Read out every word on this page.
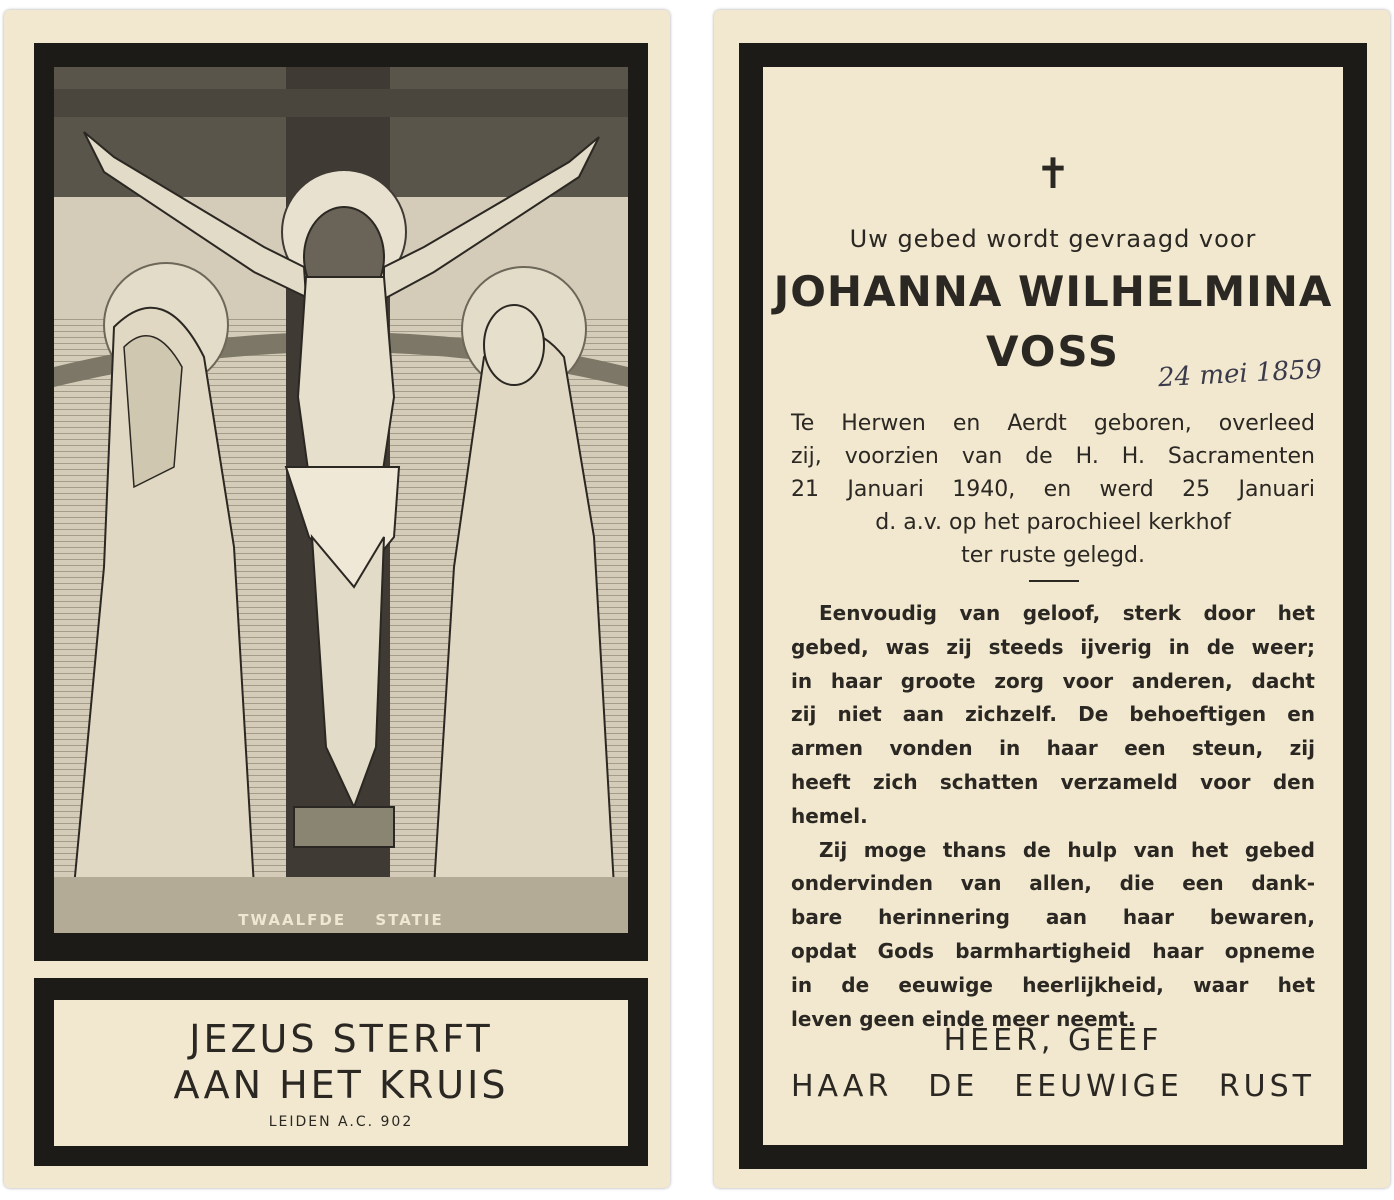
TWAALFDE STATIE
JEZUS STERFT
AAN HET KRUIS
LEIDEN A.C. 902
✝
Uw gebed wordt gevraagd voor
JOHANNA WILHELMINA
VOSS	24 mei 1859
Te Herwen en Aerdt geboren, overleed
zij, voorzien van de H. H. Sacramenten
21 Januari 1940, en werd 25 Januari
d. a.v. op het parochieel kerkhof
ter ruste gelegd.
Eenvoudig van geloof, sterk door het
gebed, was zij steeds ijverig in de weer;
in haar groote zorg voor anderen, dacht
zij niet aan zichzelf. De behoeftigen en
armen vonden in haar een steun, zij
heeft zich schatten verzameld voor den
hemel.
Zij moge thans de hulp van het gebed
ondervinden van allen, die een dank-
bare herinnering aan haar bewaren,
opdat Gods barmhartigheid haar opneme
in de eeuwige heerlijkheid, waar het
leven geen einde meer neemt.
HEER, GEEF
HAAR DE EEUWIGE RUST
